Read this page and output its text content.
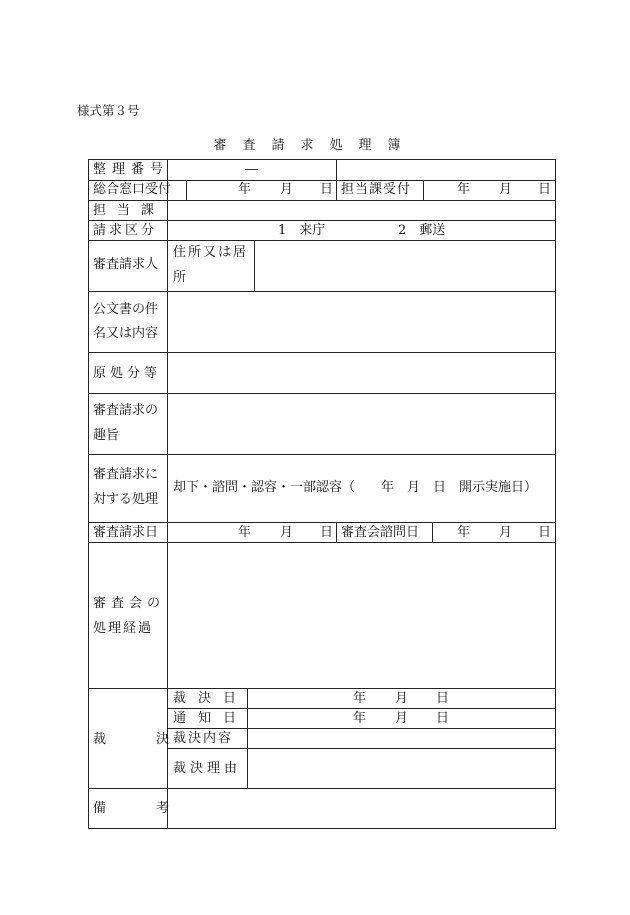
様式第３号
審査請求処理簿
整理番号	―
総合窓口受付	年 月 日 担当課受付	年 月 日
担当課
請求区分	1　来庁	2　郵送
審査請求人
住所又は居
所
公文書の件
名又は内容
原処分等
審査請求の
趣旨
審査請求に
対する処理
却下・諮問・認容・一部認容（　　年　月　日　開示実施日）
審査請求日	年 月 日 審査会諮問日	年 月 日
審査会の
処理経過
裁　　決
裁決日	年 月 日
通知日	年 月 日
裁決内容
裁決理由
備　　考
